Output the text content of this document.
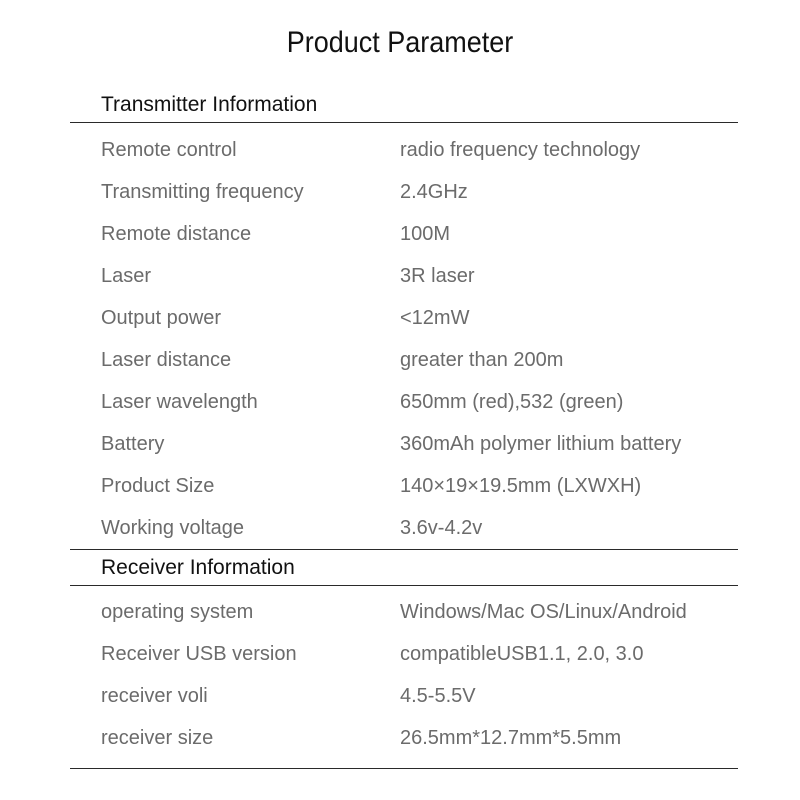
Product Parameter
Transmitter Information
Remote control	radio frequency technology
Transmitting frequency	2.4GHz
Remote distance	100M
Laser	3R laser
Output power	<12mW
Laser distance	greater than 200m
Laser wavelength	650mm (red),532 (green)
Battery	360mAh polymer lithium battery
Product Size	140×19×19.5mm (LXWXH)
Working voltage	3.6v-4.2v
Receiver Information
operating system	Windows/Mac OS/Linux/Android
Receiver USB version	compatibleUSB1.1, 2.0, 3.0
receiver voli	4.5-5.5V
receiver size	26.5mm*12.7mm*5.5mm
